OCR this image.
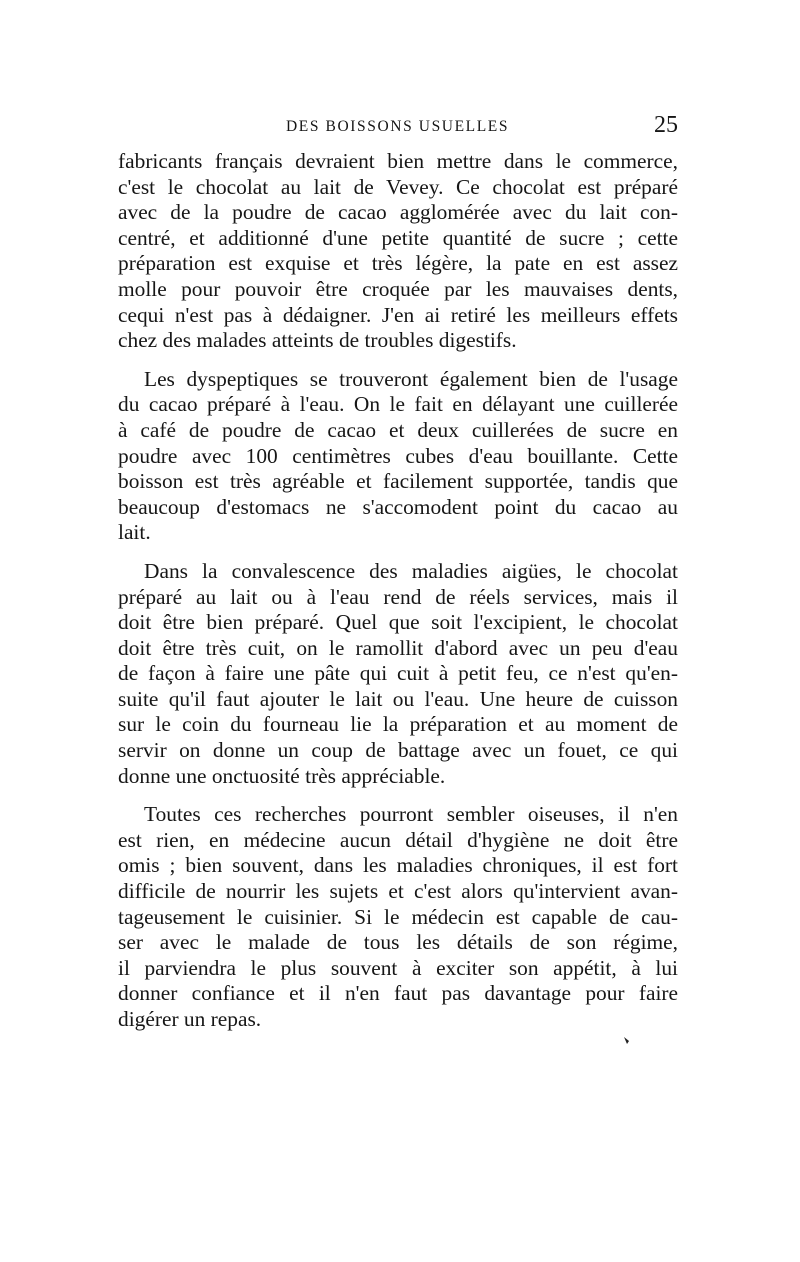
DES BOISSONS USUELLES	25
fabricants français devraient bien mettre dans le commerce,
c'est le chocolat au lait de Vevey. Ce chocolat est préparé
avec de la poudre de cacao agglomérée avec du lait con-
centré, et additionné d'une petite quantité de sucre ; cette
préparation est exquise et très légère, la pate en est assez
molle pour pouvoir être croquée par les mauvaises dents,
cequi n'est pas à dédaigner. J'en ai retiré les meilleurs effets
chez des malades atteints de troubles digestifs.
Les dyspeptiques se trouveront également bien de l'usage
du cacao préparé à l'eau. On le fait en délayant une cuillerée
à café de poudre de cacao et deux cuillerées de sucre en
poudre avec 100 centimètres cubes d'eau bouillante. Cette
boisson est très agréable et facilement supportée, tandis que
beaucoup d'estomacs ne s'accomodent point du cacao au
lait.
Dans la convalescence des maladies aigües, le chocolat
préparé au lait ou à l'eau rend de réels services, mais il
doit être bien préparé. Quel que soit l'excipient, le chocolat
doit être très cuit, on le ramollit d'abord avec un peu d'eau
de façon à faire une pâte qui cuit à petit feu, ce n'est qu'en-
suite qu'il faut ajouter le lait ou l'eau. Une heure de cuisson
sur le coin du fourneau lie la préparation et au moment de
servir on donne un coup de battage avec un fouet, ce qui
donne une onctuosité très appréciable.
Toutes ces recherches pourront sembler oiseuses, il n'en
est rien, en médecine aucun détail d'hygiène ne doit être
omis ; bien souvent, dans les maladies chroniques, il est fort
difficile de nourrir les sujets et c'est alors qu'intervient avan-
tageusement le cuisinier. Si le médecin est capable de cau-
ser avec le malade de tous les détails de son régime,
il parviendra le plus souvent à exciter son appétit, à lui
donner confiance et il n'en faut pas davantage pour faire
digérer un repas.
